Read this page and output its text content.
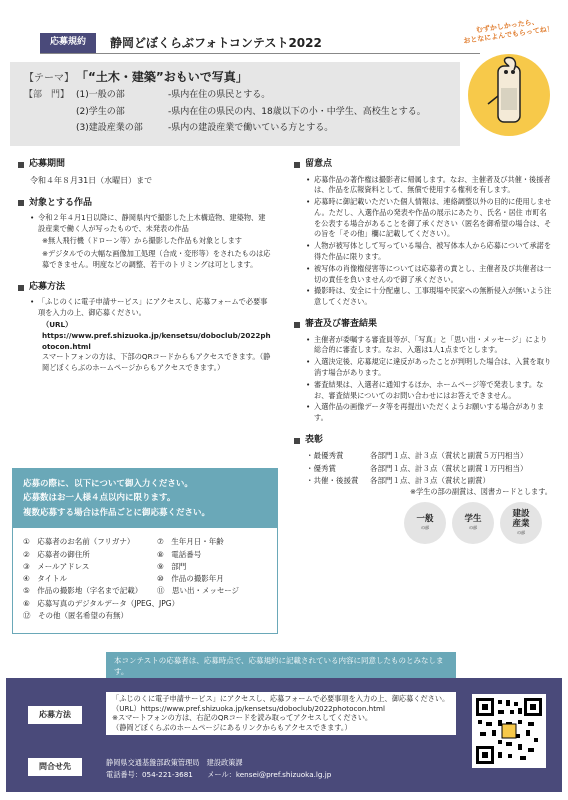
応募規約	静岡どぼくらぶフォトコンテスト2022
むずかしかったら、
おとなによんでもらってね！
【テーマ】 「“土木・建築”おもいで写真」
【部　門】 (1)一般の部	-県内在住の県民とする。
(2)学生の部	-県内在住の県民の内、18歳以下の小・中学生、高校生とする。
(3)建設産業の部	-県内の建設産業で働いている方とする。
応募期間
令和４年８月31日（水曜日）まで
対象とする作品
• 令和２年４月1日以降に、静岡県内で撮影した上木構造物、建築物、建設産業で働く人が写ったもので、未発表の作品
※無人飛行機（ドローン等）から撮影した作品も対象とします
※デジタルでの大幅な画像加工処理（合成・変形等）をされたものは応募できません。明度などの調整、若干のトリミングは可とします。
応募方法
• 「ふじのくに電子申請サービス」にアクセスし、応募フォームで必要事項を入力の上、御応募ください。
（URL）
https://www.pref.shizuoka.jp/kensetsu/doboclub/2022photocon.html
スマートフォンの方は、下部のQRコードからもアクセスできます。（静岡どぼくらぶのホームページからもアクセスできます。）
応募の際に、以下について御入力ください。
応募数はお一人様４点以内に限ります。
複数応募する場合は作品ごとに御応募ください。
①　応募者のお名前（フリガナ）	⑦　生年月日・年齢
②　応募者の御住所	⑧　電話番号
③　メールアドレス	⑨　部門
④　タイトル	⑩　作品の撮影年月
⑤　作品の撮影地（字名まで記載）	⑪　思い出・メッセージ
⑥　応募写真のデジタルデータ（JPEG、JPG）
⑫　その他（匿名希望の有無）
留意点
• 応募作品の著作権は撮影者に帰属します。なお、主催者及び共催・後援者は、作品を広報資料として、無償で使用する権利を有します。
• 応募時に御記載いただいた個人情報は、連絡調整以外の目的に使用しません。ただし、入選作品の発表や作品の展示にあたり、氏名・居住 市町名を公表する場合があることを御了承ください（匿名を御希望の場合は、その旨を「その他」欄に記載してください）。
• 人物が被写体として写っている場合、被写体本人から応募について承諾を得た作品に限ります。
• 被写体の肖像権侵害等については応募者の責とし、主催者及び共催者は一切の責任を負いませんので御了承ください。
• 撮影時は、安全に十分配慮し、工事現場や民家への無断侵入が無いよう注意してください。
審査及び審査結果
• 主催者が委嘱する審査員等が、「写真」と「思い出・メッセージ」により総合的に審査します。なお、入選は1人1点までとします。
• 入選決定後、応募規定に違反があったことが判明した場合は、入賞を取り消す場合があります。
• 審査結果は、入選者に通知するほか、ホームページ等で発表します。なお、審査結果についてのお問い合わせにはお答えできません。
• 入選作品の画像データ等を再提出いただくようお願いする場合があります。
表彰
・最優秀賞	各部門１点、計３点（賞状と副賞５万円相当）
・優秀賞	各部門１点、計３点（賞状と副賞１万円相当）
・共催・後援賞	各部門１点、計３点（賞状と副賞）
※学生の部の副賞は、図書カードとします。
一般
の部
学生
の部
建設
産業
の部
本コンテストの応募者は、応募時点で、応募規約に記載されている内容に同意したものとみなします。
応募方法
「ふじのくに電子申請サービス」にアクセスし、応募フォームで必要事項を入力の上、御応募ください。
（URL）https://www.pref.shizuoka.jp/kensetsu/doboclub/2022photocon.html
※スマートフォンの方は、右記のQRコードを読み取ってアクセスしてください。
（静岡どぼくらぶのホームページにあるリンクからもアクセスできます。）
問合せ先	静岡県交通基盤部政策管理局　建設政策課
電話番号：054-221-3681　　メール：kensei@pref.shizuoka.lg.jp
